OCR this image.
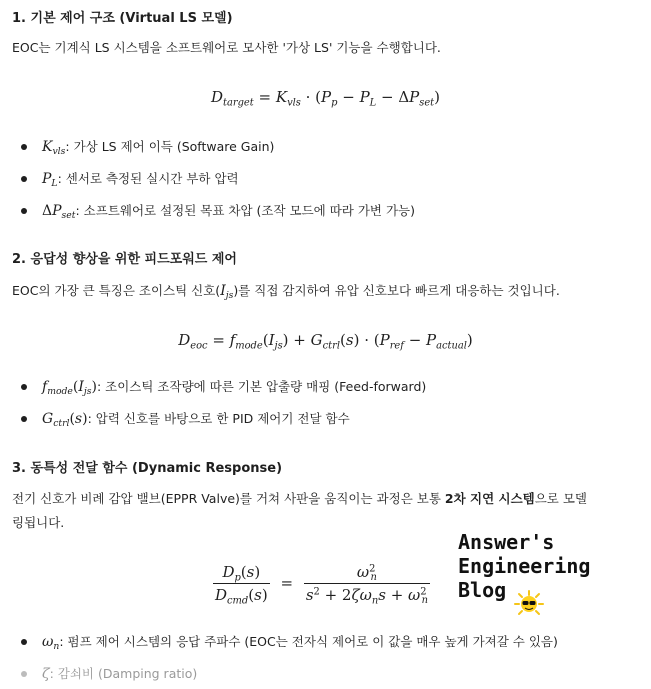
1. 기본 제어 구조 (Virtual LS 모델)

EOC는 기계식 LS 시스템을 소프트웨어로 모사한 '가상 LS' 기능을 수행합니다.

$D_{target} = K_{vls} \cdot (P_p - P_L - \Delta P_{set})$
$K_{vls}$: 가상 LS 제어 이득 (Software Gain)
$P_L$: 센서로 측정된 실시간 부하 압력
$\Delta P_{set}$: 소프트웨어로 설정된 목표 차압 (조작 모드에 따라 가변 가능)
2. 응답성 향상을 위한 피드포워드 제어

EOC의 가장 큰 특징은 조이스틱 신호$(I_{js})$를 직접 감지하여 유압 신호보다 빠르게 대응하는 것입니다.

$D_{eoc} = f_{mode}(I_{js}) + G_{ctrl}(s) \cdot (P_{ref} - P_{actual})$
$f_{mode}(I_{js})$: 조이스틱 조작량에 따른 기본 압출량 매핑 (Feed-forward)
$G_{ctrl}(s)$: 압력 신호를 바탕으로 한 PID 제어기 전달 함수
3. 동특성 전달 함수 (Dynamic Response)

전기 신호가 비례 감압 밸브(EPPR Valve)를 거쳐 사판을 움직이는 과정은 보통 2차 지연 시스템으로 모델
링됩니다.

$\frac{D_p(s)}{D_{cmd}(s)} = \frac{\omega^2_n}{s^2 + 2\zeta\omega_ns + \omega^2_n}$
Answer's
Engineering
Blog
$\omega_n$: 펌프 제어 시스템의 응답 주파수 (EOC는 전자식 제어로 이 값을 매우 높게 가져갈 수 있음)
ζ: 감쇠비 (Damping ratio)
